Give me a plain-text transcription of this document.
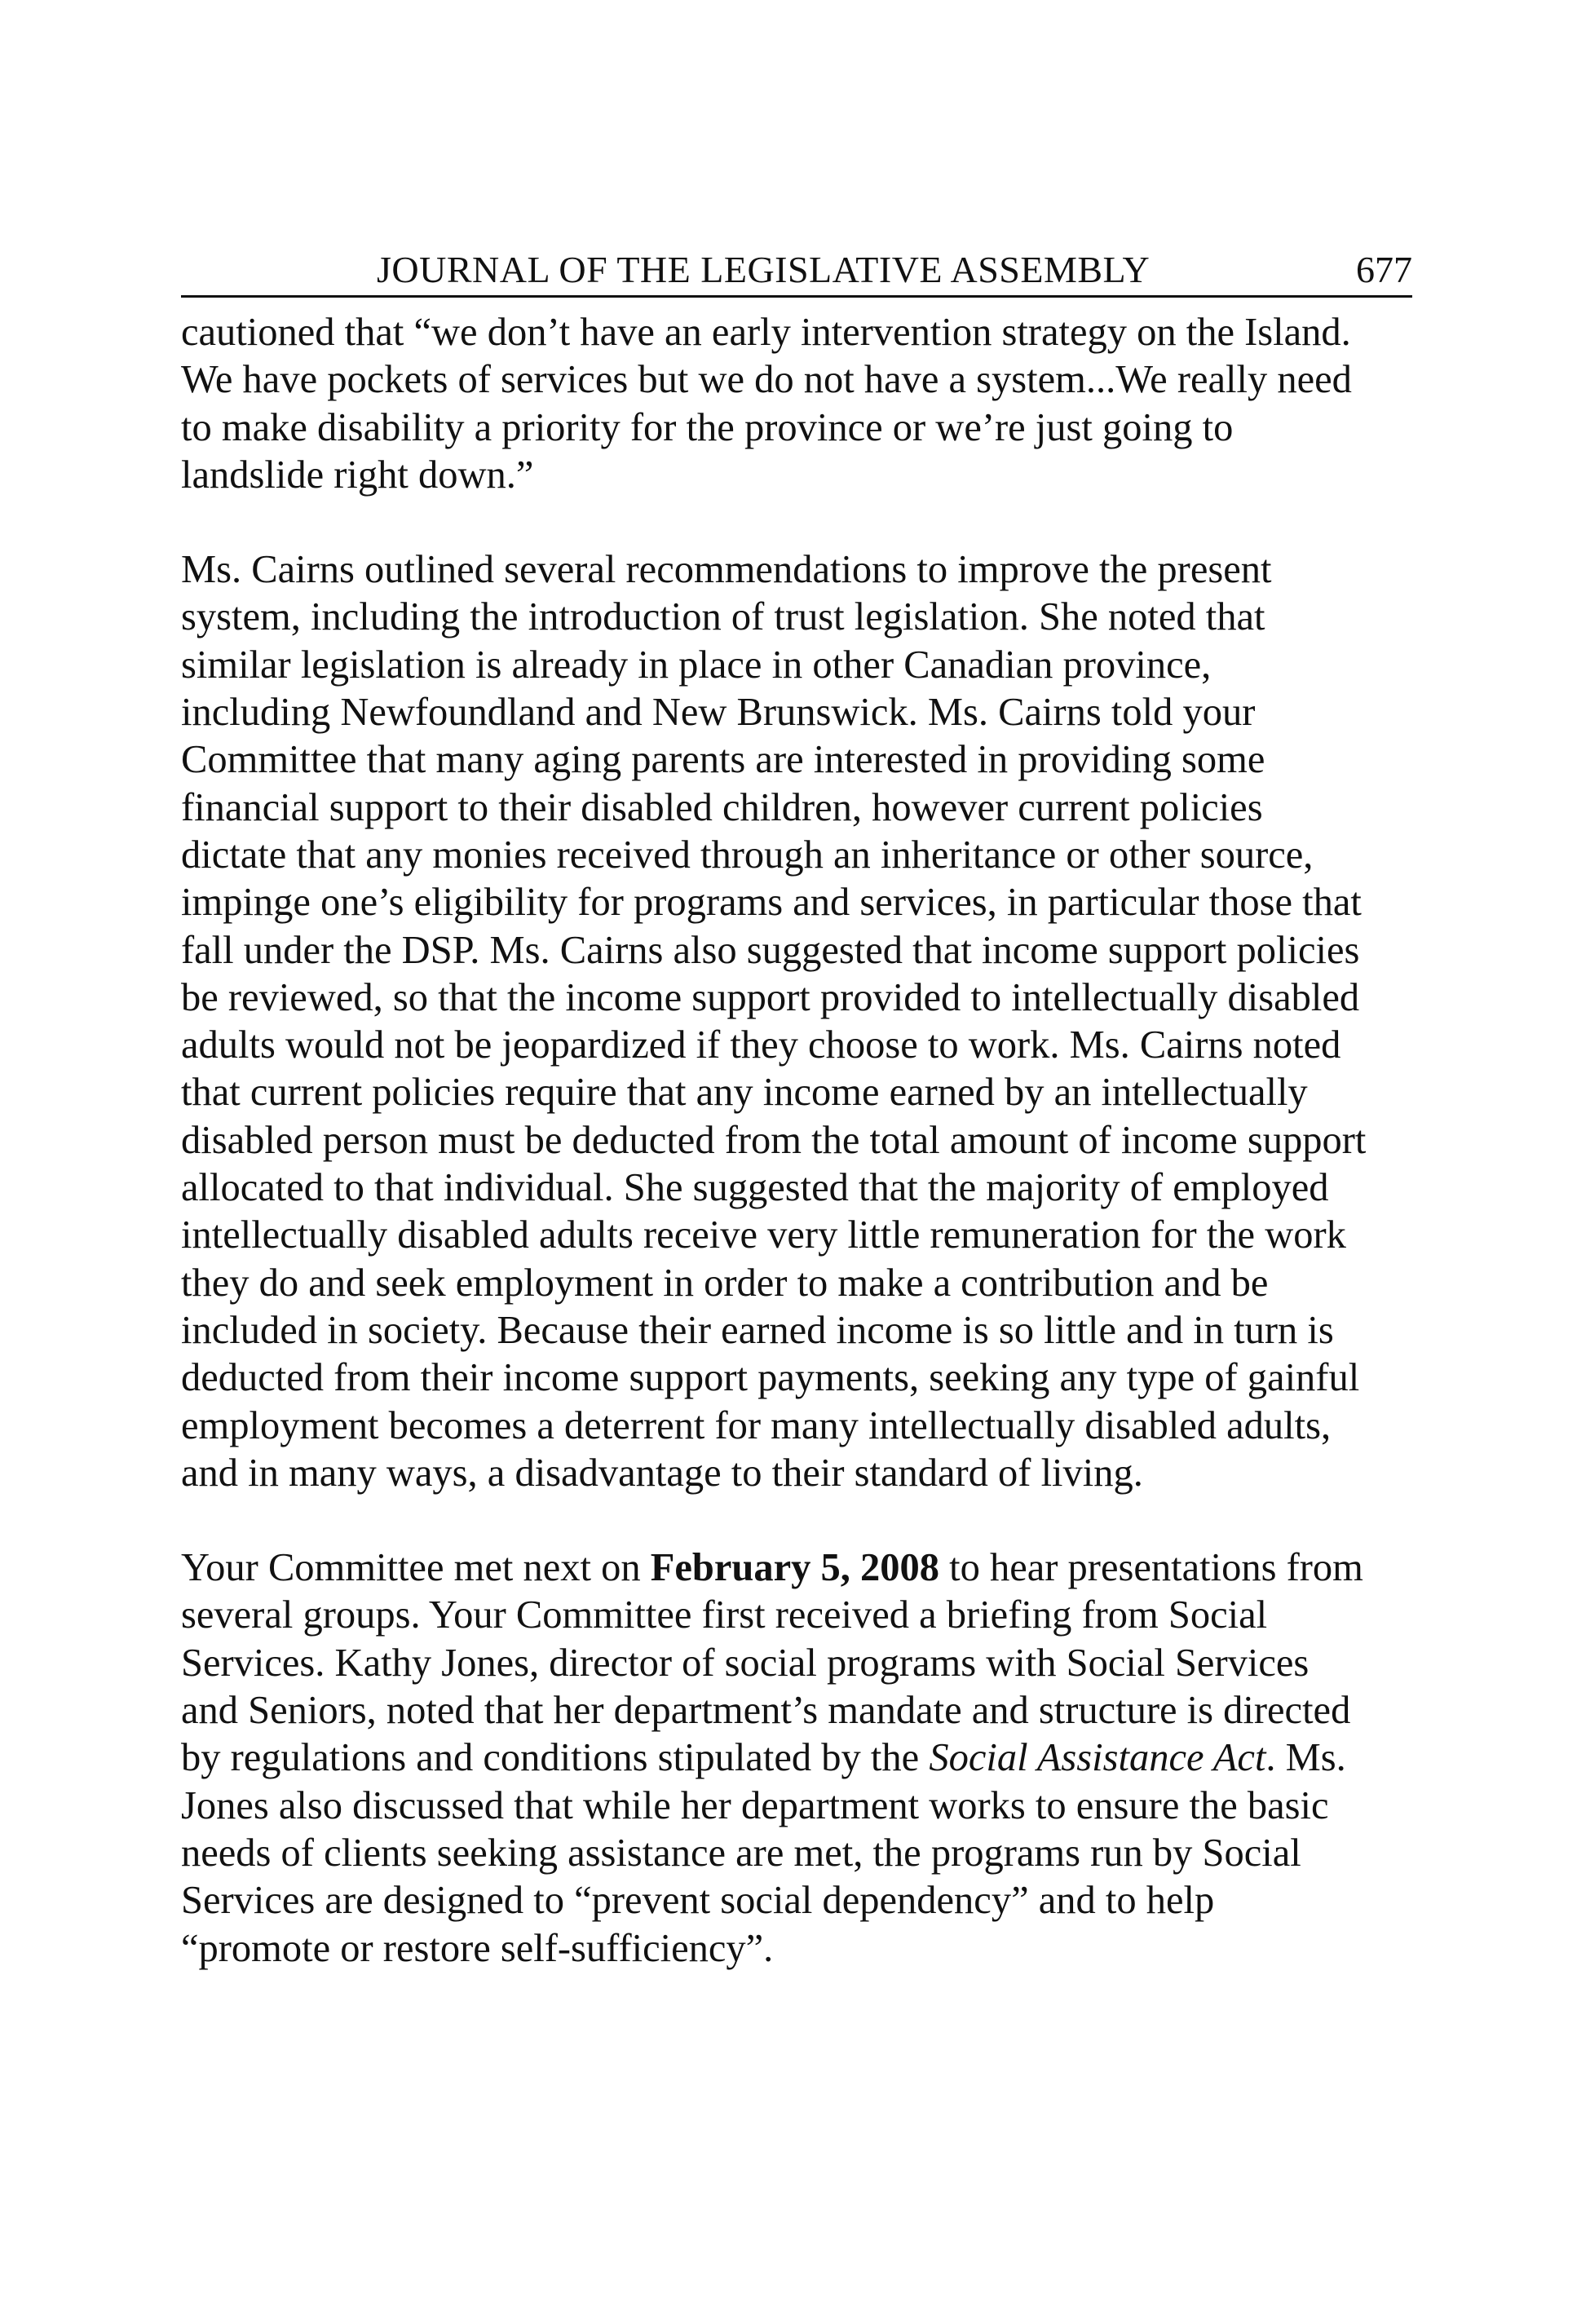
JOURNAL OF THE LEGISLATIVE ASSEMBLY	677

cautioned that “we don’t have an early intervention strategy on the Island.
We have pockets of services but we do not have a system...We really need
to make disability a priority for the province or we’re just going to
landslide right down.”

Ms. Cairns outlined several recommendations to improve the present
system, including the introduction of trust legislation. She noted that
similar legislation is already in place in other Canadian province,
including Newfoundland and New Brunswick. Ms. Cairns told your
Committee that many aging parents are interested in providing some
financial support to their disabled children, however current policies
dictate that any monies received through an inheritance or other source,
impinge one’s eligibility for programs and services, in particular those that
fall under the DSP. Ms. Cairns also suggested that income support policies
be reviewed, so that the income support provided to intellectually disabled
adults would not be jeopardized if they choose to work. Ms. Cairns noted
that current policies require that any income earned by an intellectually
disabled person must be deducted from the total amount of income support
allocated to that individual. She suggested that the majority of employed
intellectually disabled adults receive very little remuneration for the work
they do and seek employment in order to make a contribution and be
included in society. Because their earned income is so little and in turn is
deducted from their income support payments, seeking any type of gainful
employment becomes a deterrent for many intellectually disabled adults,
and in many ways, a disadvantage to their standard of living.

Your Committee met next on February 5, 2008 to hear presentations from
several groups. Your Committee first received a briefing from Social
Services. Kathy Jones, director of social programs with Social Services
and Seniors, noted that her department’s mandate and structure is directed
by regulations and conditions stipulated by the Social Assistance Act. Ms.
Jones also discussed that while her department works to ensure the basic
needs of clients seeking assistance are met, the programs run by Social
Services are designed to “prevent social dependency” and to help
“promote or restore self-sufficiency”.
